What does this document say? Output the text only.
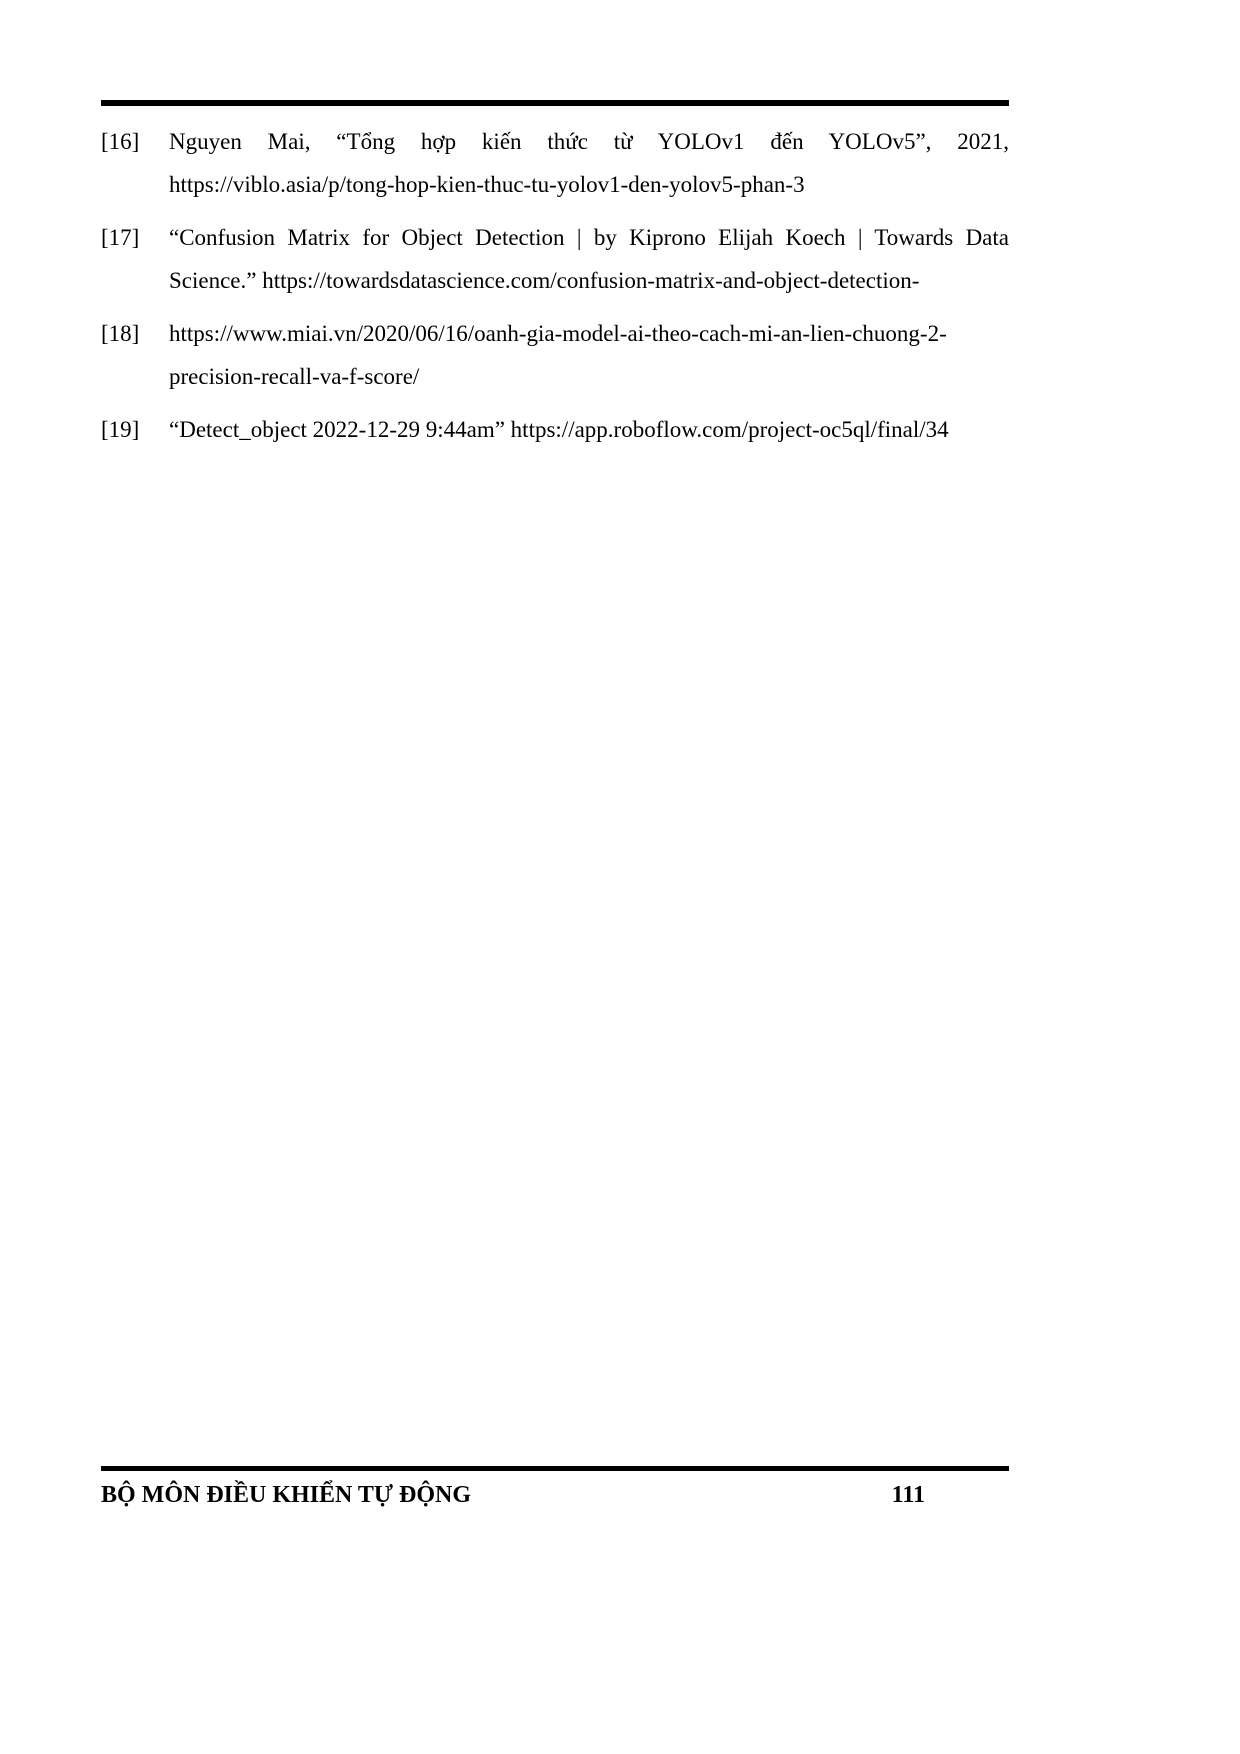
[16]	Nguyen Mai, “Tổng hợp kiến thức từ YOLOv1 đến YOLOv5”, 2021, https://viblo.asia/p/tong-hop-kien-thuc-tu-yolov1-den-yolov5-phan-3

[17]	“Confusion Matrix for Object Detection | by Kiprono Elijah Koech | Towards Data Science.” https://towardsdatascience.com/confusion-matrix-and-object-detection-

[18]	https://www.miai.vn/2020/06/16/oanh-gia-model-ai-theo-cach-mi-an-lien-chuong-2-precision-recall-va-f-score/

[19]	“Detect_object 2022-12-29 9:44am” https://app.roboflow.com/project-oc5ql/final/34

BỘ MÔN ĐIỀU KHIỂN TỰ ĐỘNG	111
